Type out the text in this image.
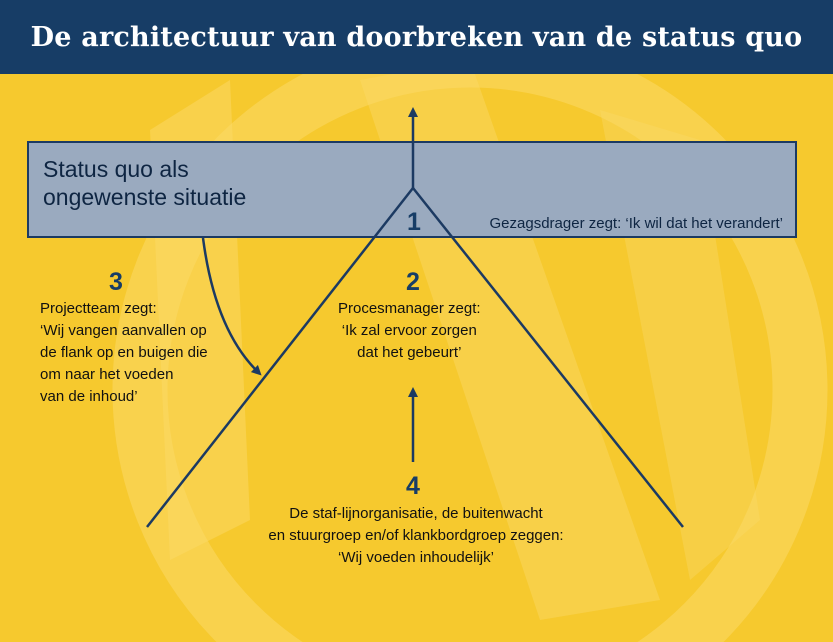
De architectuur van doorbreken van de status quo
Status quo als
ongewenste situatie
Gezagsdrager zegt: ‘Ik wil dat het verandert’
1
2
Procesmanager zegt:
‘Ik zal ervoor zorgen
dat het gebeurt’
3
Projectteam zegt:
‘Wij vangen aanvallen op
de flank op en buigen die
om naar het voeden
van de inhoud’
4
De staf-lijnorganisatie, de buitenwacht
en stuurgroep en/of klankbordgroep zeggen:
‘Wij voeden inhoudelijk’
